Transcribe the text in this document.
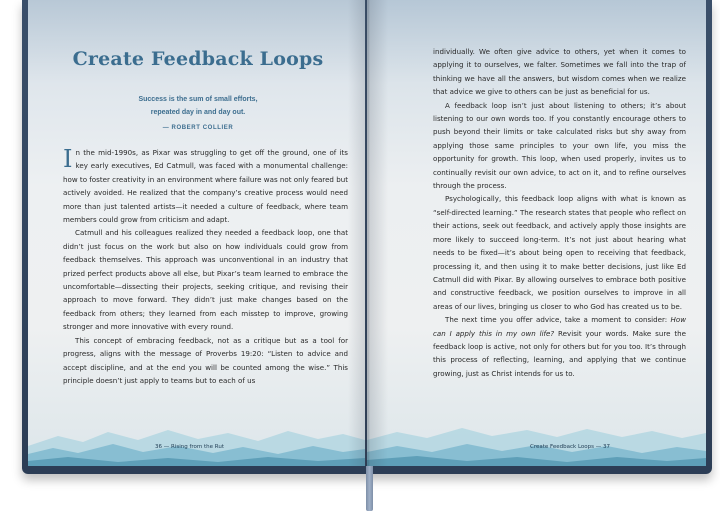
Create Feedback Loops
Success is the sum of small efforts,
repeated day in and day out.
— ROBERT COLLIER

In the mid-1990s, as Pixar was struggling to get off the ground, one of its key early executives, Ed Catmull, was faced with a monumental challenge: how to foster creativity in an environment where failure was not only feared but actively avoided. He realized that the company’s creative process would need more than just talented artists—it needed a culture of feedback, where team members could grow from criticism and adapt.

Catmull and his colleagues realized they needed a feedback loop, one that didn’t just focus on the work but also on how individuals could grow from feedback themselves. This approach was unconventional in an industry that prized perfect products above all else, but Pixar’s team learned to embrace the uncomfortable—dissecting their projects, seeking critique, and revising their approach to move forward. They didn’t just make changes based on the feedback from others; they learned from each misstep to improve, growing stronger and more innovative with every round.

This concept of embracing feedback, not as a critique but as a tool for progress, aligns with the message of Proverbs 19:20: “Listen to advice and accept discipline, and at the end you will be counted among the wise.” This principle doesn’t just apply to teams but to each of us

36 — Rising from the Rut

individually. We often give advice to others, yet when it comes to applying it to ourselves, we falter. Sometimes we fall into the trap of thinking we have all the answers, but wisdom comes when we realize that advice we give to others can be just as beneficial for us.

A feedback loop isn’t just about listening to others; it’s about listening to our own words too. If you constantly encourage others to push beyond their limits or take calculated risks but shy away from applying those same principles to your own life, you miss the opportunity for growth. This loop, when used properly, invites us to continually revisit our own advice, to act on it, and to refine ourselves through the process.

Psychologically, this feedback loop aligns with what is known as “self-directed learning.” The research states that people who reflect on their actions, seek out feedback, and actively apply those insights are more likely to succeed long-term. It’s not just about hearing what needs to be fixed—it’s about being open to receiving that feedback, processing it, and then using it to make better decisions, just like Ed Catmull did with Pixar. By allowing ourselves to embrace both positive and constructive feedback, we position ourselves to improve in all areas of our lives, bringing us closer to who God has created us to be.

The next time you offer advice, take a moment to consider: How can I apply this in my own life? Revisit your words. Make sure the feedback loop is active, not only for others but for you too. It’s through this process of reflecting, learning, and applying that we continue growing, just as Christ intends for us to.

Create Feedback Loops — 37
